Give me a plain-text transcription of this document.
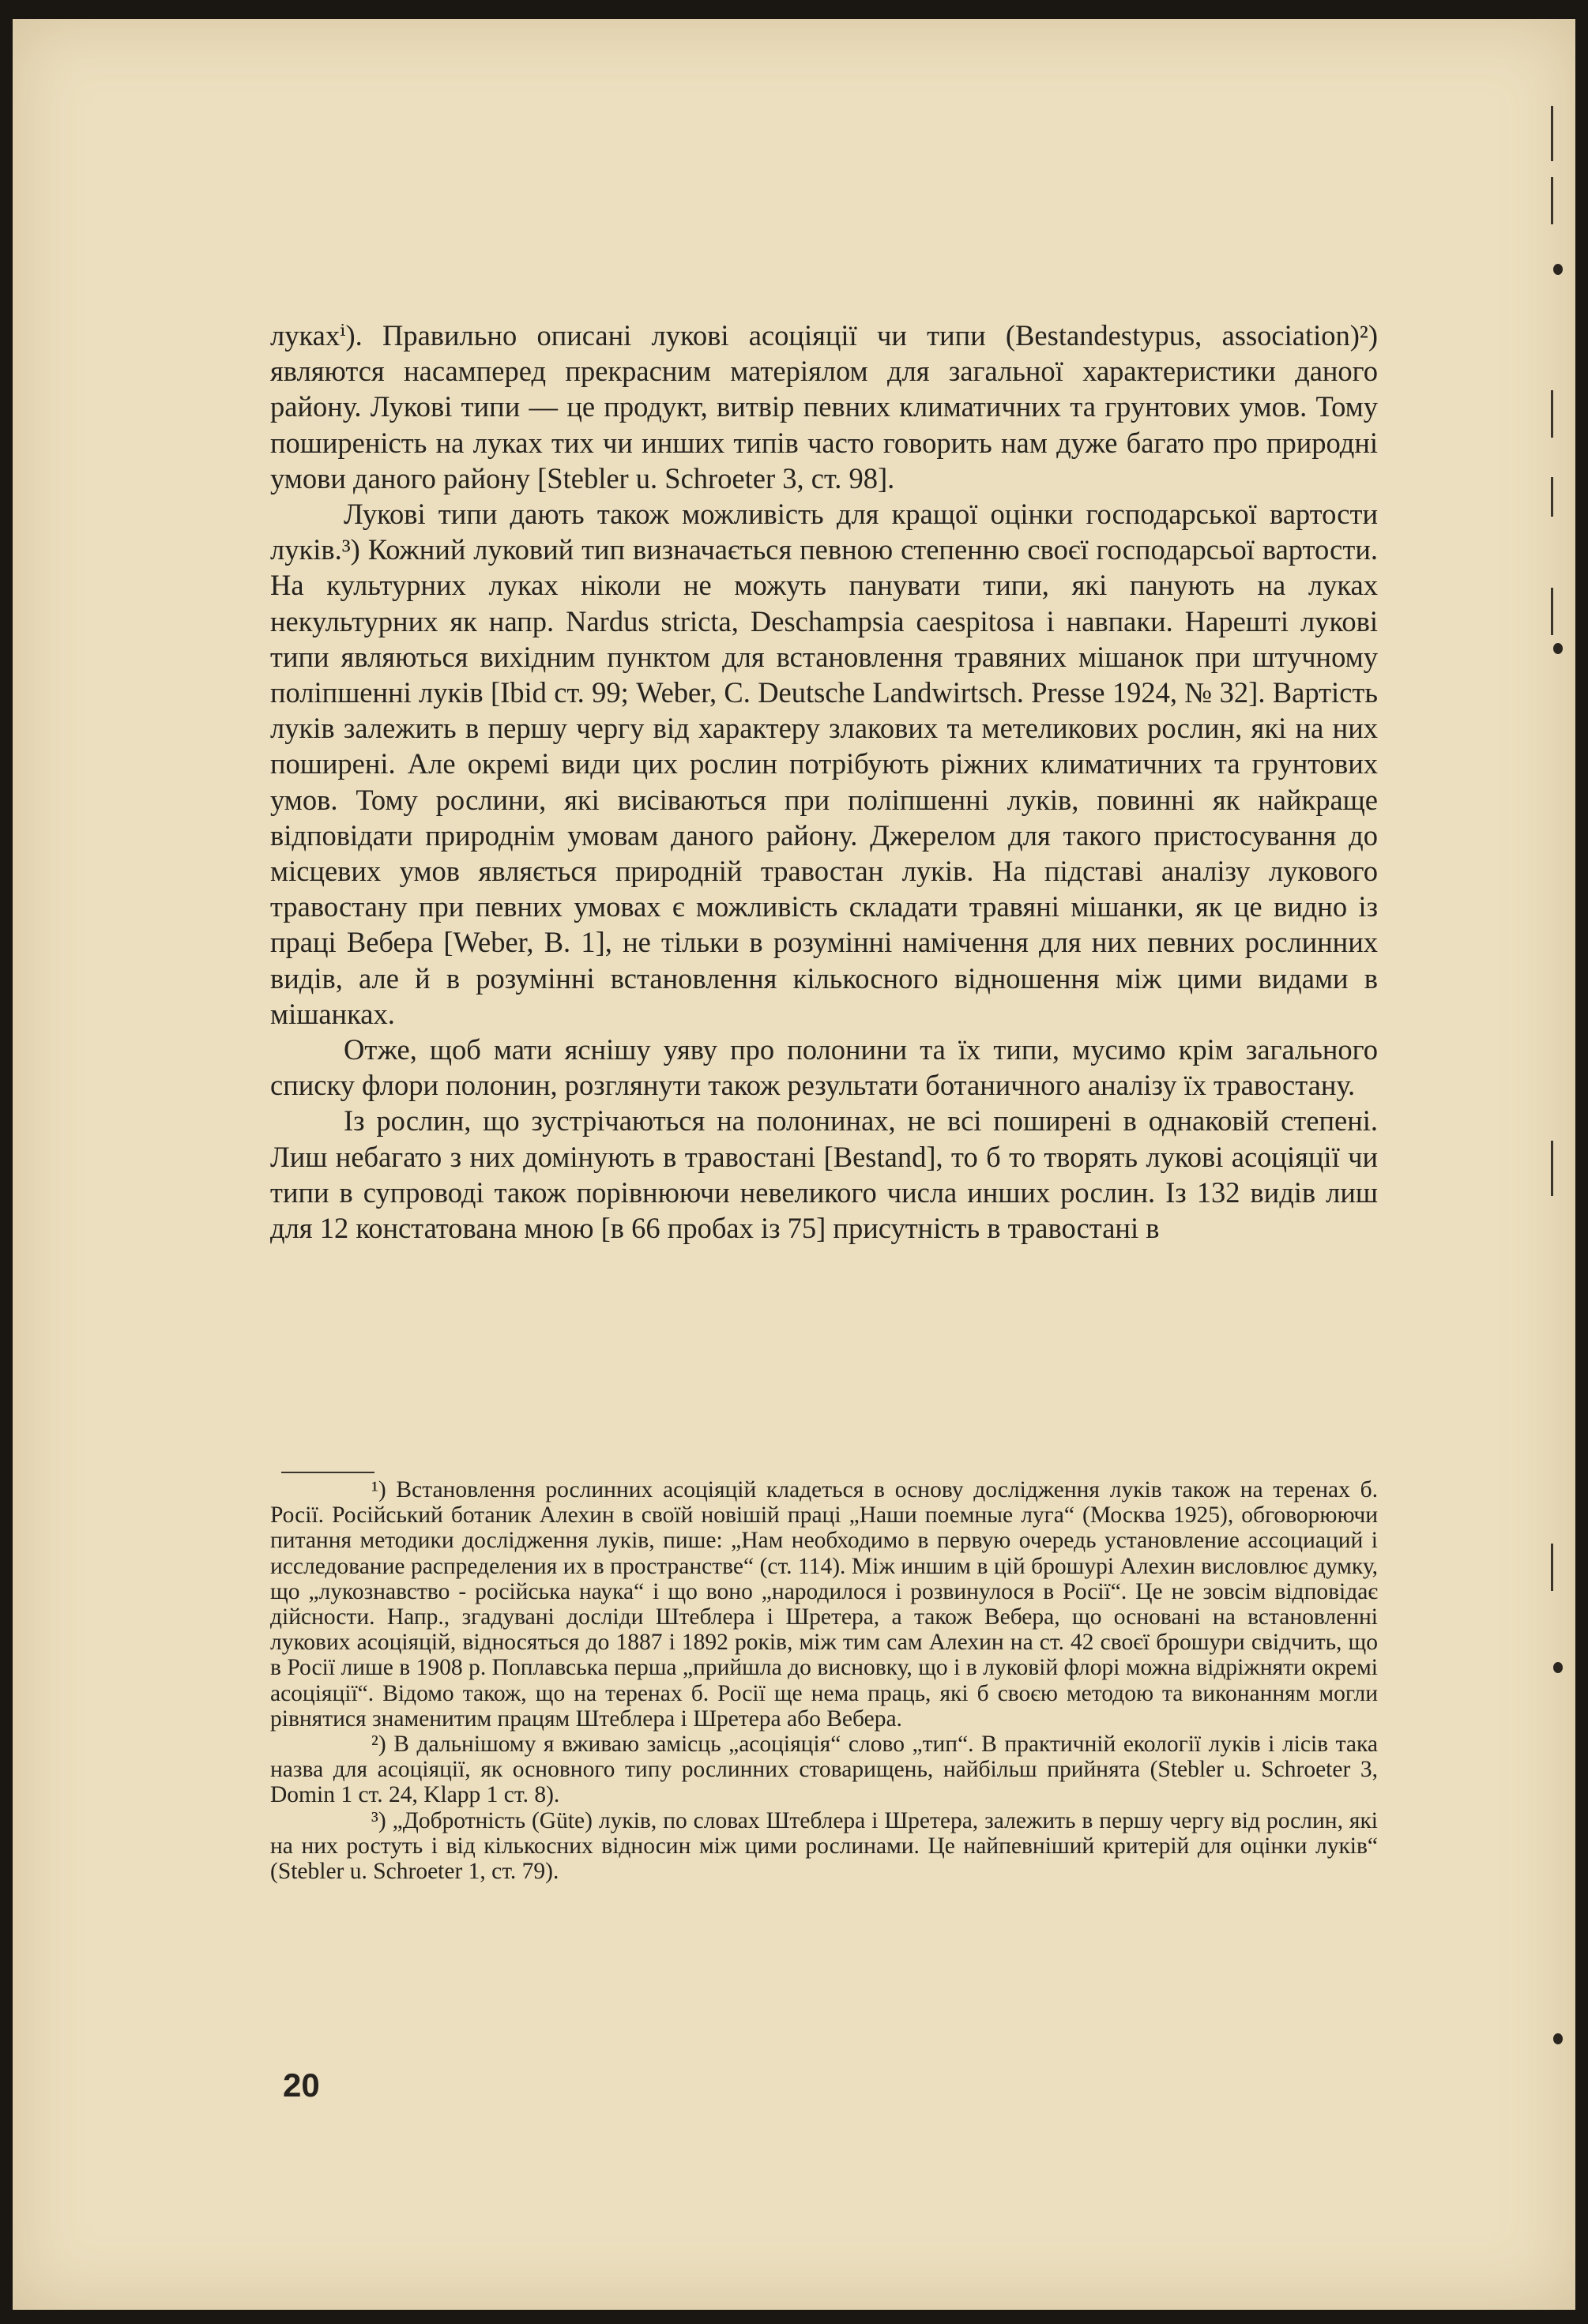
лукахⁱ). Правильно описані лукові асоціяції чи типи (Bestandestypus, association)²) являются насамперед прекрасним матеріялом для загальної характеристики даного району. Лукові типи — це продукт, витвір певних климатичних та грунтових умов. Тому поширеність на луках тих чи инших типів часто говорить нам дуже багато про природні умови даного району [Stebler u. Schroeter 3, ст. 98].

Лукові типи дають також можливість для кращої оцінки господарської вартости луків.³) Кожний луковий тип визначається певною степенню своєї господарсьої вартости. На культурних луках ніколи не можуть панувати типи, які панують на луках некультурних як напр. Nardus stricta, Deschampsia caespitosa і навпаки. Нарешті лукові типи являються вихідним пунктом для встановлення травяних мішанок при штучному поліпшенні луків [Ibid ст. 99; Weber, C. Deutsche Landwirtsch. Presse 1924, № 32]. Вартість луків залежить в першу чергу від характеру злакових та метеликових рослин, які на них поширені. Але окремі види цих рослин потрібують ріжних климатичних та грунтових умов. Тому рослини, які висіваються при поліпшенні луків, повинні як найкраще відповідати природнім умовам даного району. Джерелом для такого пристосування до місцевих умов являється природній травостан луків. На підставі аналізу лукового травостану при певних умовах є можливість складати травяні мішанки, як це видно із праці Вебера [Weber, B. 1], не тільки в розумінні намічення для них певних рослинних видів, але й в розумінні встановлення кількосного відношення між цими видами в мішанках.

Отже, щоб мати яснішу уяву про полонини та їх типи, мусимо крім загального списку флори полонин, розглянути також результати ботаничного аналізу їх травостану.

Із рослин, що зустрічаються на полонинах, не всі поширені в однаковій степені. Лиш небагато з них домінують в травостані [Bestand], то б то творять лукові асоціяції чи типи в супроводі також порівнюючи невеликого числа инших рослин. Із 132 видів лиш для 12 констатована мною [в 66 пробах із 75] присутність в травостані в

¹) Встановлення рослинних асоціяцій кладеться в основу дослідження луків також на теренах б. Росії. Російський ботаник Алехин в своїй новішій праці „Наши поемные луга“ (Москва 1925), обговорюючи питання методики дослідження луків, пише: „Нам необходимо в первую очередь установление ассоциаций і исследование распределения их в пространстве“ (ст. 114). Між иншим в цій брошурі Алехин висловлює думку, що „лукознавство - російська наука“ і що воно „народилося і розвинулося в Росії“. Це не зовсім відповідає дійсности. Напр., згадувані досліди Штеблера і Шретера, а також Вебера, що основані на встановленні лукових асоціяцій, відносяться до 1887 і 1892 років, між тим сам Алехин на ст. 42 своєї брошури свідчить, що в Росії лише в 1908 р. Поплавська перша „прийшла до висновку, що і в луковій флорі можна відріжняти окремі асоціяції“. Відомо також, що на теренах б. Росії ще нема праць, які б своєю методою та виконанням могли рівнятися знаменитим працям Штеблера і Шретера або Вебера.

²) В дальнішому я вживаю замісць „асоціяція“ слово „тип“. В практичній екології луків і лісів така назва для асоціяції, як основного типу рослинних стоварищень, найбільш прийнята (Stebler u. Schroeter 3, Domin 1 ст. 24, Klapp 1 ст. 8).

³) „Добротність (Güte) луків, по словах Штеблера і Шретера, залежить в першу чергу від рослин, які на них ростуть і від кількосних відносин між цими рослинами. Це найпевніший критерій для оцінки луків“ (Stebler u. Schroeter 1, ст. 79).

20
